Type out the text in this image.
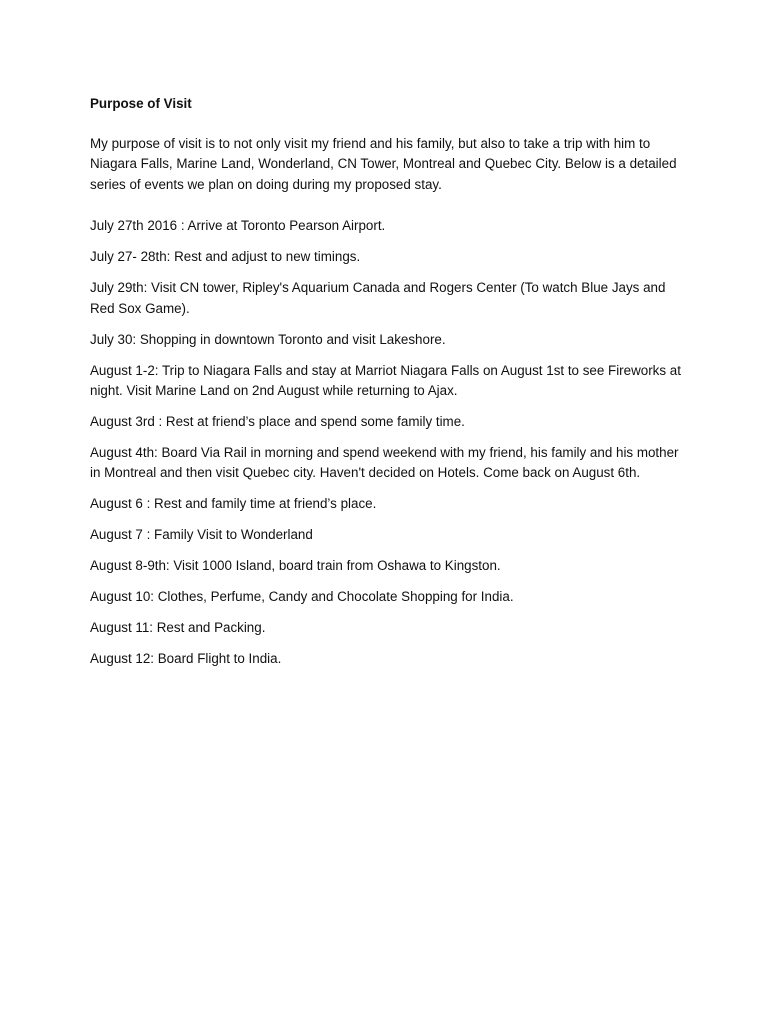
Purpose of Visit

My purpose of visit is to not only visit my friend and his family, but also to take a trip with him to Niagara Falls, Marine Land, Wonderland, CN Tower, Montreal and Quebec City. Below is a detailed series of events we plan on doing during my proposed stay.

July 27th 2016 : Arrive at Toronto Pearson Airport.
July 27- 28th: Rest and adjust to new timings.
July 29th: Visit CN tower, Ripley's Aquarium Canada and Rogers Center (To watch Blue Jays and Red Sox Game).
July 30: Shopping in downtown Toronto and visit Lakeshore.
August 1-2: Trip to Niagara Falls and stay at Marriot Niagara Falls on August 1st to see Fireworks at night. Visit Marine Land on 2nd August while returning to Ajax.
August 3rd : Rest at friend’s place and spend some family time.
August 4th: Board Via Rail in morning and spend weekend with my friend, his family and his mother in Montreal and then visit Quebec city. Haven't decided on Hotels. Come back on August 6th.
August 6 : Rest and family time at friend’s place.
August 7 : Family Visit to Wonderland
August 8-9th: Visit 1000 Island, board train from Oshawa to Kingston.
August 10: Clothes, Perfume, Candy and Chocolate Shopping for India.
August 11: Rest and Packing.
August 12: Board Flight to India.
